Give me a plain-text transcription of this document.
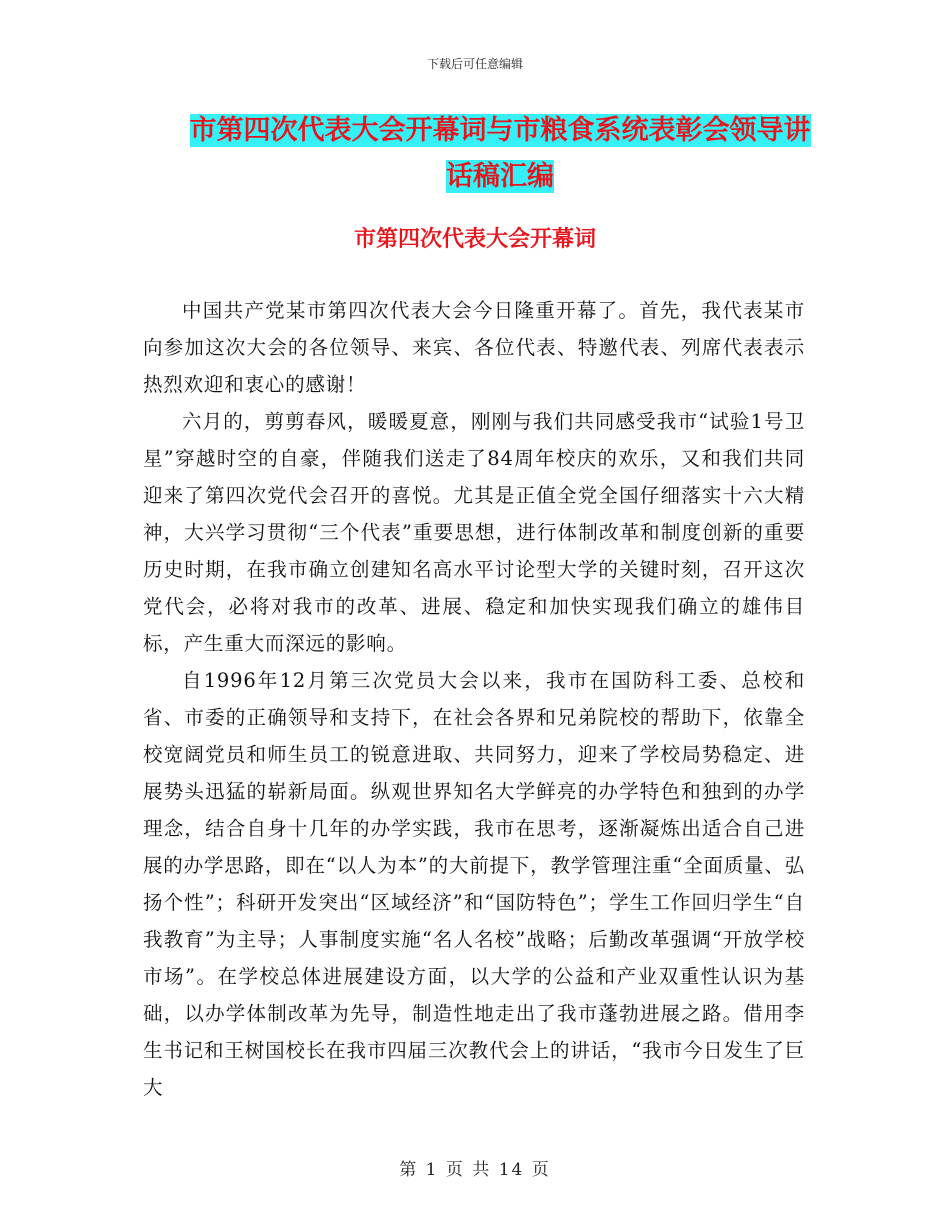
下载后可任意编辑
市第四次代表大会开幕词与市粮食系统表彰会领导讲
话稿汇编
市第四次代表大会开幕词

中国共产党某市第四次代表大会今日隆重开幕了。首先，我代表某市向参加这次大会的各位领导、来宾、各位代表、特邀代表、列席代表表示热烈欢迎和衷心的感谢！

六月的，剪剪春风，暖暖夏意，刚刚与我们共同感受我市“试验1号卫星”穿越时空的自豪，伴随我们送走了84周年校庆的欢乐，又和我们共同迎来了第四次党代会召开的喜悦。尤其是正值全党全国仔细落实十六大精神，大兴学习贯彻“三个代表”重要思想，进行体制改革和制度创新的重要历史时期，在我市确立创建知名高水平讨论型大学的关键时刻，召开这次党代会，必将对我市的改革、进展、稳定和加快实现我们确立的雄伟目标，产生重大而深远的影响。

自1996年12月第三次党员大会以来，我市在国防科工委、总校和省、市委的正确领导和支持下，在社会各界和兄弟院校的帮助下，依靠全校宽阔党员和师生员工的锐意进取、共同努力，迎来了学校局势稳定、进展势头迅猛的崭新局面。纵观世界知名大学鲜亮的办学特色和独到的办学理念，结合自身十几年的办学实践，我市在思考，逐渐凝炼出适合自己进展的办学思路，即在“以人为本”的大前提下，教学管理注重“全面质量、弘扬个性”；科研开发突出“区域经济”和“国防特色”；学生工作回归学生“自我教育”为主导；人事制度实施“名人名校”战略；后勤改革强调“开放学校市场”。在学校总体进展建设方面，以大学的公益和产业双重性认识为基础，以办学体制改革为先导，制造性地走出了我市蓬勃进展之路。借用李生书记和王树国校长在我市四届三次教代会上的讲话，“我市今日发生了巨大

第 1 页 共 14 页
